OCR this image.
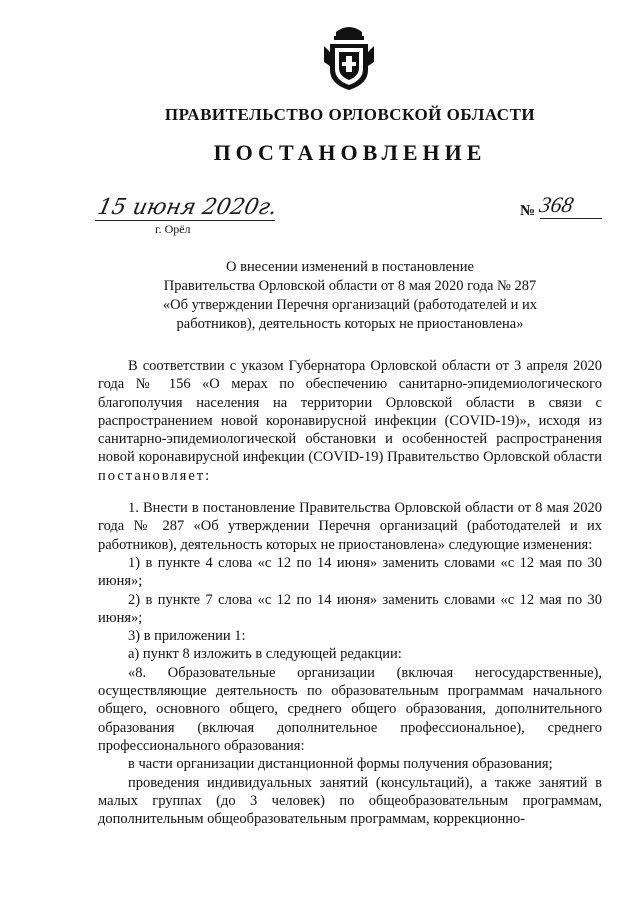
ПРАВИТЕЛЬСТВО ОРЛОВСКОЙ ОБЛАСТИ
ПОСТАНОВЛЕНИЕ
15 июня 2020г.
г. Орёл
№ 368
О внесении изменений в постановление
Правительства Орловской области от 8 мая 2020 года № 287
«Об утверждении Перечня организаций (работодателей и их
работников), деятельность которых не приостановлена»

В соответствии с указом Губернатора Орловской области от 3 апреля 2020 года № 156 «О мерах по обеспечению санитарно-эпидемиологического благополучия населения на территории Орловской области в связи с распространением новой коронавирусной инфекции (COVID-19)», исходя из санитарно-эпидемиологической обстановки и особенностей распространения новой коронавирусной инфекции (COVID-19) Правительство Орловской области постановляет:

1. Внести в постановление Правительства Орловской области от 8 мая 2020 года № 287 «Об утверждении Перечня организаций (работодателей и их работников), деятельность которых не приостановлена» следующие изменения:

1) в пункте 4 слова «с 12 по 14 июня» заменить словами «с 12 мая по 30 июня»;

2) в пункте 7 слова «с 12 по 14 июня» заменить словами «с 12 мая по 30 июня»;

3) в приложении 1:

а) пункт 8 изложить в следующей редакции:

«8. Образовательные организации (включая негосударственные), осуществляющие деятельность по образовательным программам начального общего, основного общего, среднего общего образования, дополнительного образования (включая дополнительное профессиональное), среднего профессионального образования:

в части организации дистанционной формы получения образования;

проведения индивидуальных занятий (консультаций), а также занятий в малых группах (до 3 человек) по общеобразовательным программам, дополнительным общеобразовательным программам, коррекционно-
